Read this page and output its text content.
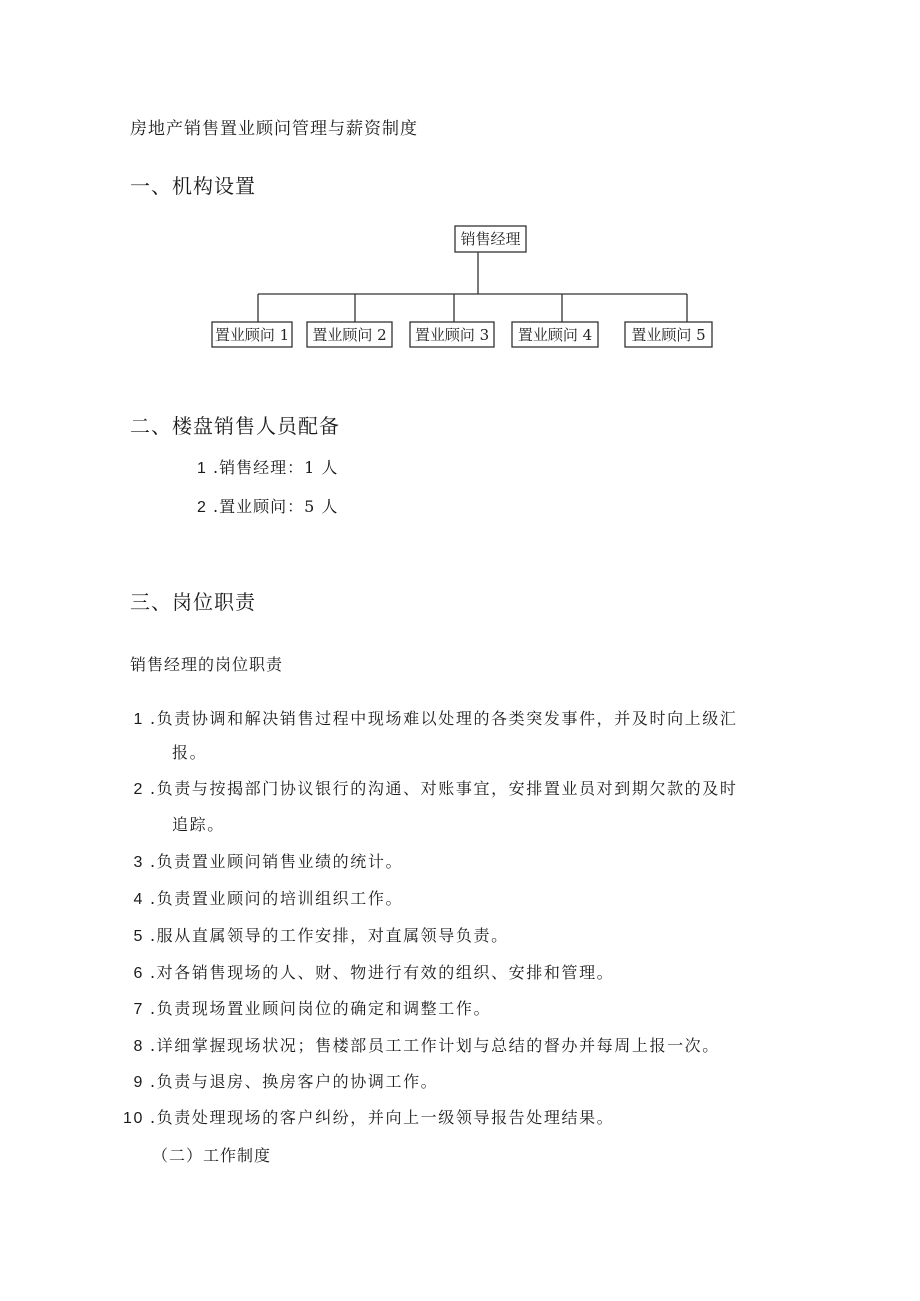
房地产销售置业顾问管理与薪资制度
一、机构设置
销售经理
置业顾问 1 置业顾问 2 置业顾问 3 置业顾问 4	置业顾问 5
二、楼盘销售人员配备
1 .销售经理：1 人
2 .置业顾问：5 人
三、岗位职责
销售经理的岗位职责
1 .负责协调和解决销售过程中现场难以处理的各类突发事件，并及时向上级汇
报。
2 .负责与按揭部门协议银行的沟通、对账事宜，安排置业员对到期欠款的及时
追踪。
3 .负责置业顾问销售业绩的统计。
4 .负责置业顾问的培训组织工作。
5 .服从直属领导的工作安排，对直属领导负责。
6 .对各销售现场的人、财、物进行有效的组织、安排和管理。
7 .负责现场置业顾问岗位的确定和调整工作。
8 .详细掌握现场状况；售楼部员工工作计划与总结的督办并每周上报一次。
9 .负责与退房、换房客户的协调工作。
10 .负责处理现场的客户纠纷，并向上一级领导报告处理结果。
（二）工作制度
